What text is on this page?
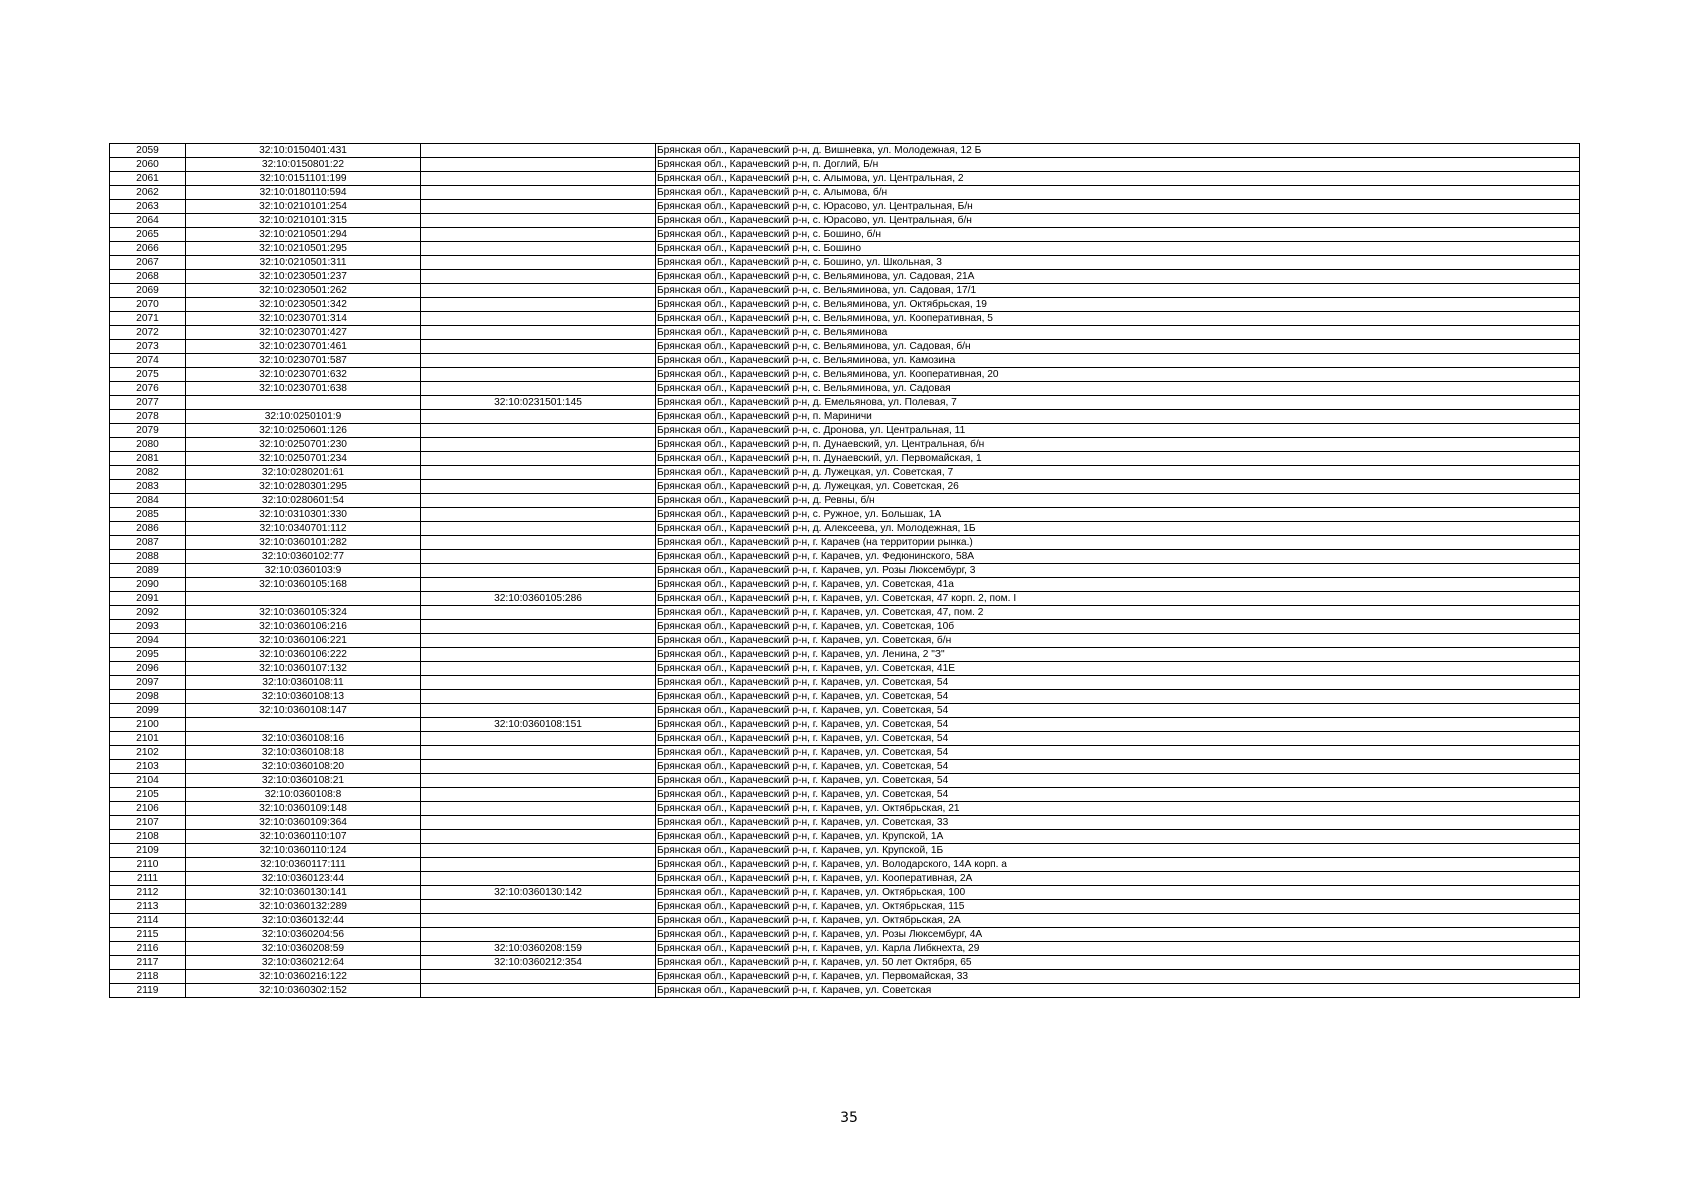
2059	32:10:0150401:431		Брянская обл., Карачевский р-н, д. Вишневка, ул. Молодежная, 12 Б
2060	32:10:0150801:22		Брянская обл., Карачевский р-н, п. Доглий, Б/н
2061	32:10:0151101:199		Брянская обл., Карачевский р-н, с. Алымова, ул. Центральная, 2
2062	32:10:0180110:594		Брянская обл., Карачевский р-н, с. Алымова, б/н
2063	32:10:0210101:254		Брянская обл., Карачевский р-н, с. Юрасово, ул. Центральная, Б/н
2064	32:10:0210101:315		Брянская обл., Карачевский р-н, с. Юрасово, ул. Центральная, б/н
2065	32:10:0210501:294		Брянская обл., Карачевский р-н, с. Бошино, б/н
2066	32:10:0210501:295		Брянская обл., Карачевский р-н, с. Бошино
2067	32:10:0210501:311		Брянская обл., Карачевский р-н, с. Бошино, ул. Школьная, 3
2068	32:10:0230501:237		Брянская обл., Карачевский р-н, с. Вельяминова, ул. Садовая, 21А
2069	32:10:0230501:262		Брянская обл., Карачевский р-н, с. Вельяминова, ул. Садовая, 17/1
2070	32:10:0230501:342		Брянская обл., Карачевский р-н, с. Вельяминова, ул. Октябрьская, 19
2071	32:10:0230701:314		Брянская обл., Карачевский р-н, с. Вельяминова, ул. Кооперативная, 5
2072	32:10:0230701:427		Брянская обл., Карачевский р-н, с. Вельяминова
2073	32:10:0230701:461		Брянская обл., Карачевский р-н, с. Вельяминова, ул. Садовая, б/н
2074	32:10:0230701:587		Брянская обл., Карачевский р-н, с. Вельяминова, ул. Камозина
2075	32:10:0230701:632		Брянская обл., Карачевский р-н, с. Вельяминова, ул. Кооперативная, 20
2076	32:10:0230701:638		Брянская обл., Карачевский р-н, с. Вельяминова, ул. Садовая
2077		32:10:0231501:145	Брянская обл., Карачевский р-н, д. Емельянова, ул. Полевая, 7
2078	32:10:0250101:9		Брянская обл., Карачевский р-н, п. Мариничи
2079	32:10:0250601:126		Брянская обл., Карачевский р-н, с. Дронова, ул. Центральная, 11
2080	32:10:0250701:230		Брянская обл., Карачевский р-н, п. Дунаевский, ул. Центральная, б/н
2081	32:10:0250701:234		Брянская обл., Карачевский р-н, п. Дунаевский, ул. Первомайская, 1
2082	32:10:0280201:61		Брянская обл., Карачевский р-н, д. Лужецкая, ул. Советская, 7
2083	32:10:0280301:295		Брянская обл., Карачевский р-н, д. Лужецкая, ул. Советская, 26
2084	32:10:0280601:54		Брянская обл., Карачевский р-н, д. Ревны, б/н
2085	32:10:0310301:330		Брянская обл., Карачевский р-н, с. Ружное, ул. Большак, 1А
2086	32:10:0340701:112		Брянская обл., Карачевский р-н, д. Алексеева, ул. Молодежная, 1Б
2087	32:10:0360101:282		Брянская обл., Карачевский р-н, г. Карачев (на территории рынка.)
2088	32:10:0360102:77		Брянская обл., Карачевский р-н, г. Карачев, ул. Федюнинского, 58А
2089	32:10:0360103:9		Брянская обл., Карачевский р-н, г. Карачев, ул. Розы Люксембург, 3
2090	32:10:0360105:168		Брянская обл., Карачевский р-н, г. Карачев, ул. Советская, 41а
2091		32:10:0360105:286	Брянская обл., Карачевский р-н, г. Карачев, ул. Советская, 47 корп. 2, пом. I
2092	32:10:0360105:324		Брянская обл., Карачевский р-н, г. Карачев, ул. Советская, 47, пом. 2
2093	32:10:0360106:216		Брянская обл., Карачевский р-н, г. Карачев, ул. Советская, 10б
2094	32:10:0360106:221		Брянская обл., Карачевский р-н, г. Карачев, ул. Советская, б/н
2095	32:10:0360106:222		Брянская обл., Карачевский р-н, г. Карачев, ул. Ленина, 2 "З"
2096	32:10:0360107:132		Брянская обл., Карачевский р-н, г. Карачев, ул. Советская, 41Е
2097	32:10:0360108:11		Брянская обл., Карачевский р-н, г. Карачев, ул. Советская, 54
2098	32:10:0360108:13		Брянская обл., Карачевский р-н, г. Карачев, ул. Советская, 54
2099	32:10:0360108:147		Брянская обл., Карачевский р-н, г. Карачев, ул. Советская, 54
2100		32:10:0360108:151	Брянская обл., Карачевский р-н, г. Карачев, ул. Советская, 54
2101	32:10:0360108:16		Брянская обл., Карачевский р-н, г. Карачев, ул. Советская, 54
2102	32:10:0360108:18		Брянская обл., Карачевский р-н, г. Карачев, ул. Советская, 54
2103	32:10:0360108:20		Брянская обл., Карачевский р-н, г. Карачев, ул. Советская, 54
2104	32:10:0360108:21		Брянская обл., Карачевский р-н, г. Карачев, ул. Советская, 54
2105	32:10:0360108:8		Брянская обл., Карачевский р-н, г. Карачев, ул. Советская, 54
2106	32:10:0360109:148		Брянская обл., Карачевский р-н, г. Карачев, ул. Октябрьская, 21
2107	32:10:0360109:364		Брянская обл., Карачевский р-н, г. Карачев, ул. Советская, 33
2108	32:10:0360110:107		Брянская обл., Карачевский р-н, г. Карачев, ул. Крупской, 1А
2109	32:10:0360110:124		Брянская обл., Карачевский р-н, г. Карачев, ул. Крупской, 1Б
2110	32:10:0360117:111		Брянская обл., Карачевский р-н, г. Карачев, ул. Володарского, 14А корп. а
2111	32:10:0360123:44		Брянская обл., Карачевский р-н, г. Карачев, ул. Кооперативная, 2А
2112	32:10:0360130:141	32:10:0360130:142	Брянская обл., Карачевский р-н, г. Карачев, ул. Октябрьская, 100
2113	32:10:0360132:289		Брянская обл., Карачевский р-н, г. Карачев, ул. Октябрьская, 115
2114	32:10:0360132:44		Брянская обл., Карачевский р-н, г. Карачев, ул. Октябрьская, 2А
2115	32:10:0360204:56		Брянская обл., Карачевский р-н, г. Карачев, ул. Розы Люксембург, 4А
2116	32:10:0360208:59	32:10:0360208:159	Брянская обл., Карачевский р-н, г. Карачев, ул. Карла Либкнехта, 29
2117	32:10:0360212:64	32:10:0360212:354	Брянская обл., Карачевский р-н, г. Карачев, ул. 50 лет Октября, 65
2118	32:10:0360216:122		Брянская обл., Карачевский р-н, г. Карачев, ул. Первомайская, 33
2119	32:10:0360302:152		Брянская обл., Карачевский р-н, г. Карачев, ул. Советская
35
